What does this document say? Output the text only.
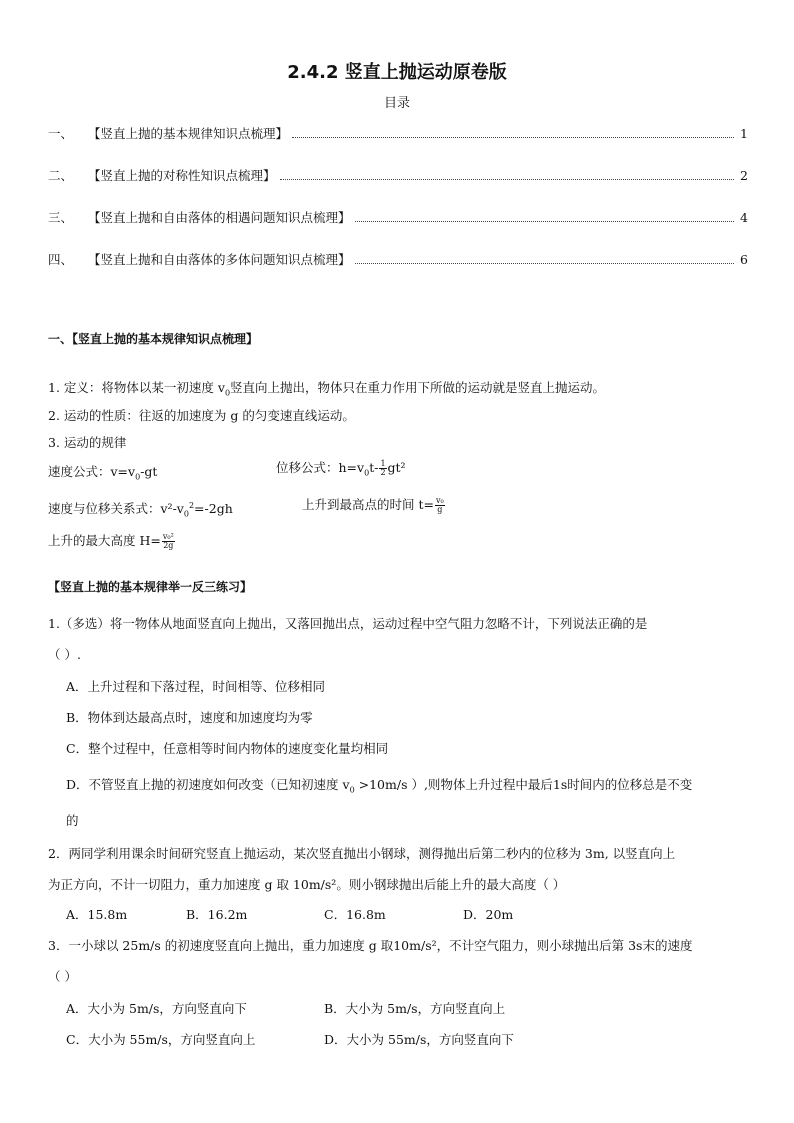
2.4.2 竖直上抛运动原卷版
目录
一、	【竖直上抛的基本规律知识点梳理】	1
二、	【竖直上抛的对称性知识点梳理】	2
三、	【竖直上抛和自由落体的相遇问题知识点梳理】	4
四、	【竖直上抛和自由落体的多体问题知识点梳理】	6
一、【竖直上抛的基本规律知识点梳理】
1. 定义：将物体以某一初速度 $v_0$竖直向上抛出，物体只在重力作用下所做的运动就是竖直上抛运动。
2. 运动的性质：往返的加速度为 g 的匀变速直线运动。
3. 运动的规律
速度公式：$v=v_0-gt$	位移公式：$h=v_0t- \frac{1}{2} gt^2$
速度与位移关系式：$v^2-v_0^2=-2gh$	上升到最高点的时间 $t= \frac{\text{v₀}}{g}$
上升的最大高度 $H= \frac{\text{v₀²}}{2g}$
【竖直上抛的基本规律举一反三练习】
1.（多选）将一物体从地面竖直向上抛出，又落回抛出点，运动过程中空气阻力忽略不计，下列说法正确的是
（ ）.
A．上升过程和下落过程，时间相等、位移相同
B．物体到达最高点时，速度和加速度均为零
C．整个过程中，任意相等时间内物体的速度变化量均相同
D．不管竖直上抛的初速度如何改变（已知初速度 $v_0 >10m/s$ ）,则物体上升过程中最后1s时间内的位移总是不变
的
2．两同学利用课余时间研究竖直上抛运动，某次竖直抛出小钢球，测得抛出后第二秒内的位移为 3m, 以竖直向上
为正方向，不计一切阻力，重力加速度 g 取 10m/s²。则小钢球抛出后能上升的最大高度（ ）
A．15.8m	B．16.2m	C．16.8m	D．20m
3．一小球以 25m/s 的初速度竖直向上抛出，重力加速度 g 取10m/s²，不计空气阻力，则小球抛出后第 3s末的速度
（ ）
A．大小为 5m/s，方向竖直向下	B．大小为 5m/s，方向竖直向上
C．大小为 55m/s，方向竖直向上	D．大小为 55m/s，方向竖直向下
